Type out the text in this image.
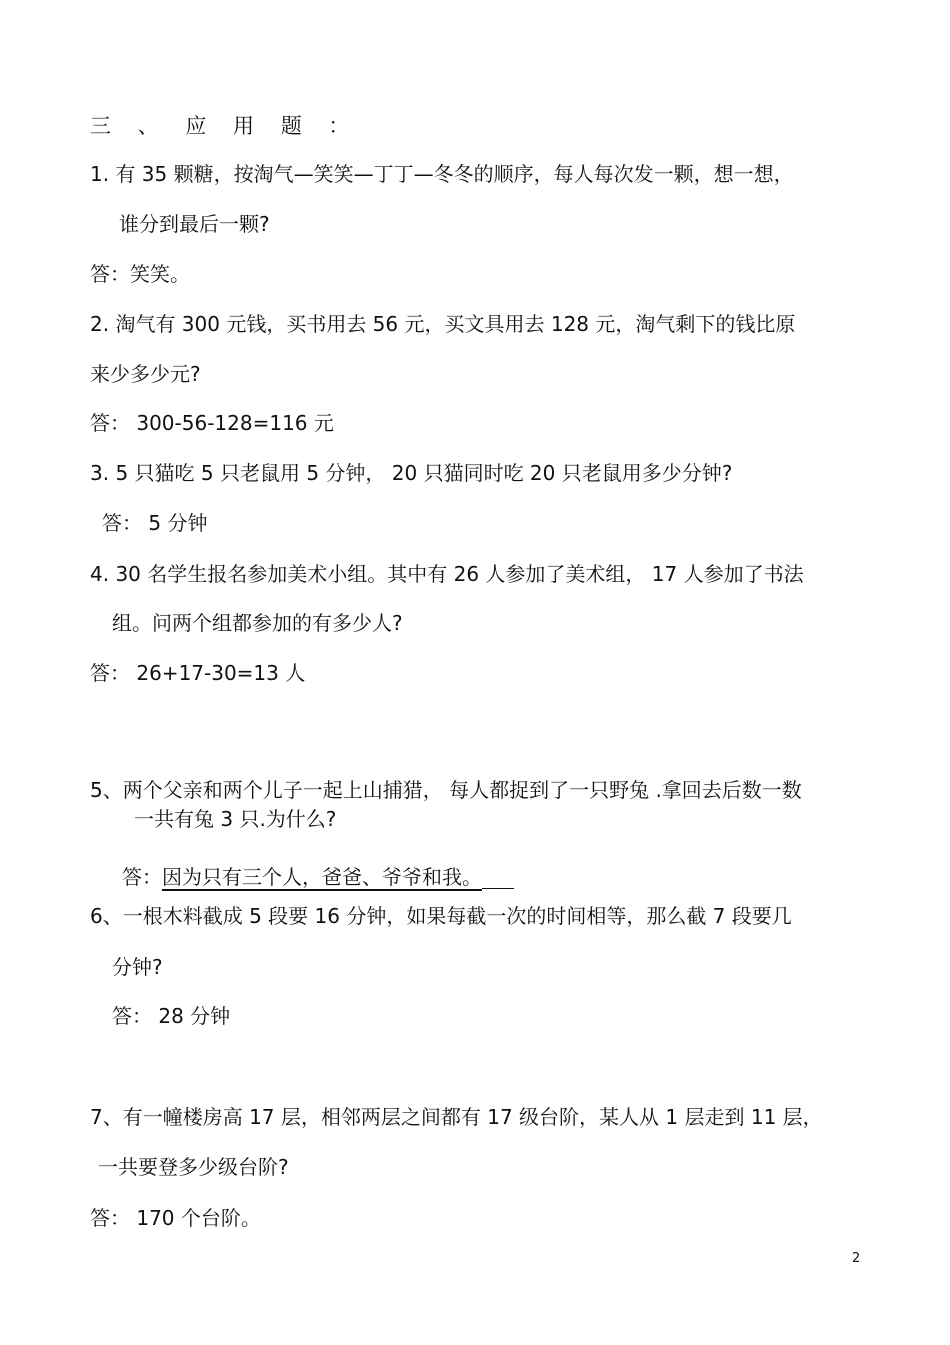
三 、 应 用 题 ：
1. 有 35 颗糖，按淘气—笑笑—丁丁—冬冬的顺序，每人每次发一颗，想一想，
谁分到最后一颗?
答：笑笑。
2. 淘气有 300 元钱，买书用去 56 元，买文具用去 128 元，淘气剩下的钱比原
来少多少元?
答： 300-56-128=116 元
3. 5 只猫吃 5 只老鼠用 5 分钟， 20 只猫同时吃 20 只老鼠用多少分钟?
答： 5 分钟
4. 30 名学生报名参加美术小组。其中有 26 人参加了美术组， 17 人参加了书法
组。问两个组都参加的有多少人?
答： 26+17-30=13 人
5、两个父亲和两个儿子一起上山捕猎， 每人都捉到了一只野兔 .拿回去后数一数
一共有兔 3 只.为什么?
答：因为只有三个人，爸爸、爷爷和我。
6、一根木料截成 5 段要 16 分钟，如果每截一次的时间相等，那么截 7 段要几
分钟?
答： 28 分钟
7、有一幢楼房高 17 层，相邻两层之间都有 17 级台阶，某人从 1 层走到 11 层，
一共要登多少级台阶?
答： 170 个台阶。
2
